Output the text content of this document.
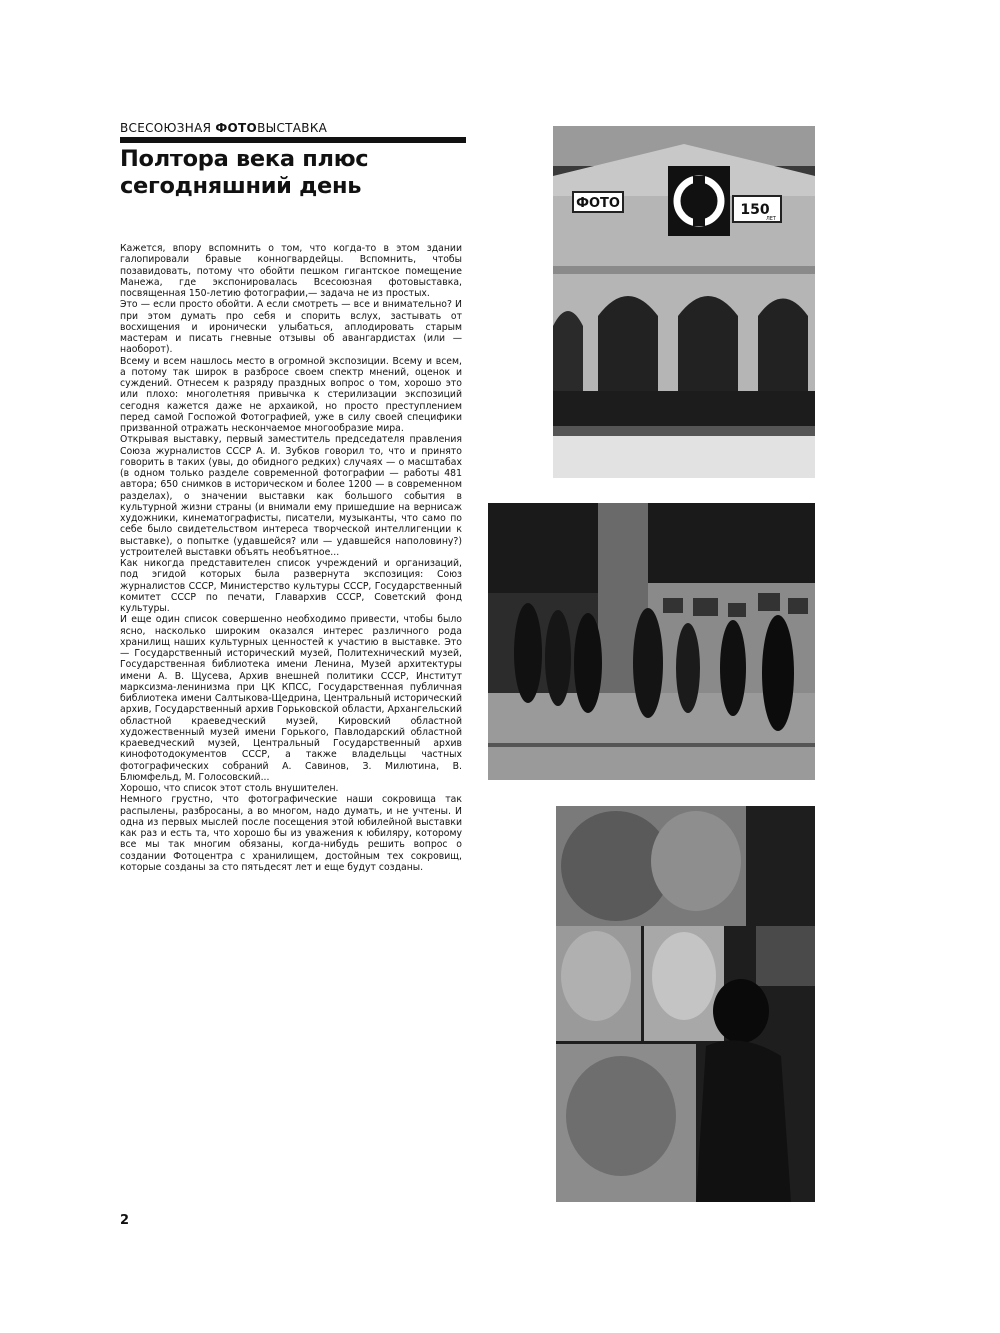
ВСЕСОЮЗНАЯ ФОТОВЫСТАВКА
Полтора века плюс
сегодняшний день

Кажется, впору вспомнить о том, что когда-то в этом здании галопировали бравые конногвардейцы. Вспомнить, чтобы позавидовать, потому что обойти пешком гигантское помещение Манежа, где экспонировалась Всесоюзная фотовыставка, посвященная 150-летию фотографии,— задача не из простых.

Это — если просто обойти. А если смотреть — все и внимательно? И при этом думать про себя и спорить вслух, застывать от восхищения и иронически улыбаться, аплодировать старым мастерам и писать гневные отзывы об авангардистах (или — наоборот).

Всему и всем нашлось место в огромной экспозиции. Всему и всем, а потому так широк в разбросе своем спектр мнений, оценок и суждений. Отнесем к разряду праздных вопрос о том, хорошо это или плохо: многолетняя привычка к стерилизации экспозиций сегодня кажется даже не архаикой, но просто преступлением перед самой Госпожой Фотографией, уже в силу своей специфики призванной отражать нескончаемое многообразие мира.

Открывая выставку, первый заместитель председателя правления Союза журналистов СССР А. И. Зубков говорил то, что и принято говорить в таких (увы, до обидного редких) случаях — о масштабах (в одном только разделе современной фотографии — работы 481 автора; 650 снимков в историческом и более 1200 — в современном разделах), о значении выставки как большого события в культурной жизни страны (и внимали ему пришедшие на вернисаж художники, кинематографисты, писатели, музыканты, что само по себе было свидетельством интереса творческой интеллигенции к выставке), о попытке (удавшейся? или — удавшейся наполовину?) устроителей выставки объять необъятное...

Как никогда представителен список учреждений и организаций, под эгидой которых была развернута экспозиция: Союз журналистов СССР, Министерство культуры СССР, Государственный комитет СССР по печати, Главархив СССР, Советский фонд культуры.

И еще один список совершенно необходимо привести, чтобы было ясно, насколько широким оказался интерес различного рода хранилищ наших культурных ценностей к участию в выставке. Это — Государственный исторический музей, Политехнический музей, Государственная библиотека имени Ленина, Музей архитектуры имени А. В. Щусева, Архив внешней политики СССР, Институт марксизма-ленинизма при ЦК КПСС, Государственная публичная библиотека имени Салтыкова-Щедрина, Центральный исторический архив, Государственный архив Горьковской области, Архангельский областной краеведческий музей, Кировский областной художественный музей имени Горького, Павлодарский областной краеведческий музей, Центральный Государственный архив кинофотодокументов СССР, а также владельцы частных фотографических собраний А. Савинов, З. Милютина, В. Блюмфельд, М. Голосовский...

Хорошо, что список этот столь внушителен.

Немного грустно, что фотографические наши сокровища так распылены, разбросаны, а во многом, надо думать, и не учтены. И одна из первых мыслей после посещения этой юбилейной выставки как раз и есть та, что хорошо бы из уважения к юбиляру, которому все мы так многим обязаны, когда-нибудь решить вопрос о создании Фотоцентра с хранилищем, достойным тех сокровищ, которые созданы за сто пятьдесят лет и еще будут созданы.

ФОТО	150
ЛЕТ
2
